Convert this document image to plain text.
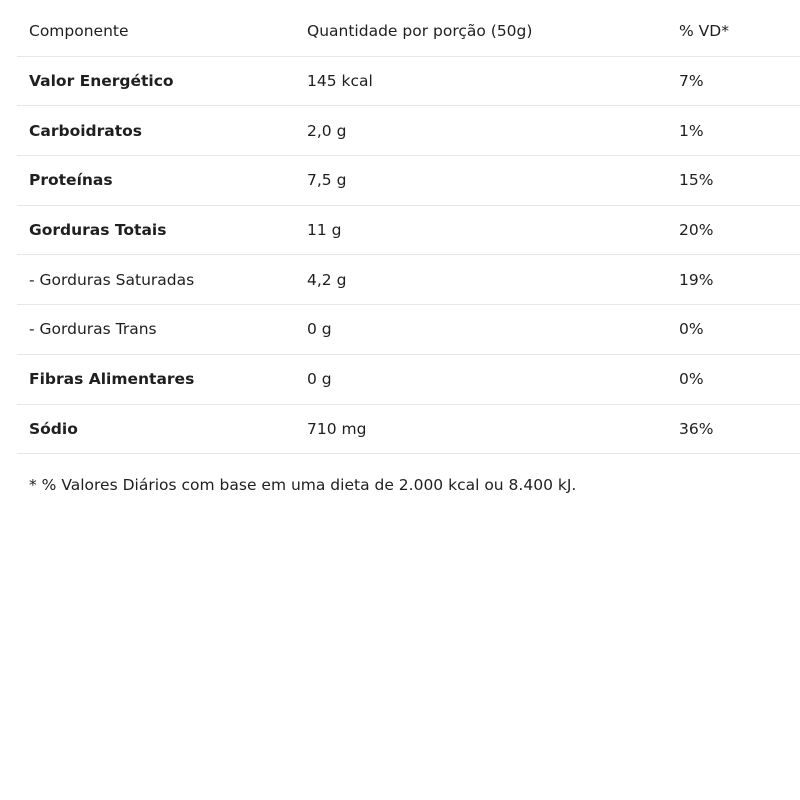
Componente	Quantidade por porção (50g)	% VD*
Valor Energético	145 kcal	7%
Carboidratos	2,0 g	1%
Proteínas	7,5 g	15%
Gorduras Totais	11 g	20%
- Gorduras Saturadas	4,2 g	19%
- Gorduras Trans	0 g	0%
Fibras Alimentares	0 g	0%
Sódio	710 mg	36%
* % Valores Diários com base em uma dieta de 2.000 kcal ou 8.400 kJ.
